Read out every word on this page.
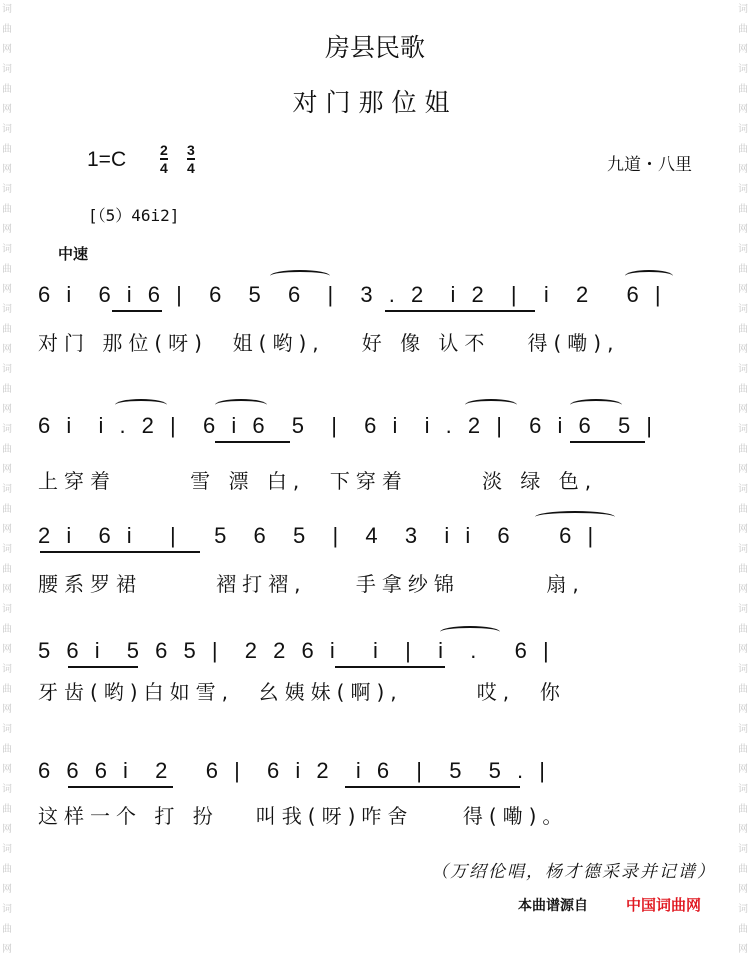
词曲网词曲网词曲网词曲网词曲网词曲网词曲网词曲网词曲网词曲网词曲网词曲网词曲网词曲网词曲网词曲网
词曲网词曲网词曲网词曲网词曲网词曲网词曲网词曲网词曲网词曲网词曲网词曲网词曲网词曲网词曲网词曲网
房县民歌
对门那位姐
1=C 2
4
3
4	九道・八里
[（5）46i2]
中速
6 i  6 i 6 |  6  5  6  |  3 . 2  i 2  |  i  2   6 |
对门 那位(呀)  姐(哟),   好 像 认不   得(嘞),
6 i  i . 2 |  6 i 6  5  |  6 i  i . 2 |  6 i 6  5 |
上穿着      雪 漂 白,  下穿着      淡 绿 色,
2 i  6 i   |   5  6  5  |  4  3  i i  6    6 |
腰系罗裙      褶打褶,    手拿纱锦       扇,
5 6 i  5 6 5 |  2 2 6 i   i  |  i  .   6 |
牙齿(哟)白如雪,  幺姨妹(啊),      哎,  你
6 6 6 i  2   6 |  6 i 2  i 6  |  5  5 . |
这样一个 打 扮   叫我(呀)咋舍    得(嘞)。
（万绍伦唱，杨才德采录并记谱）
本曲谱源自	中国词曲网
